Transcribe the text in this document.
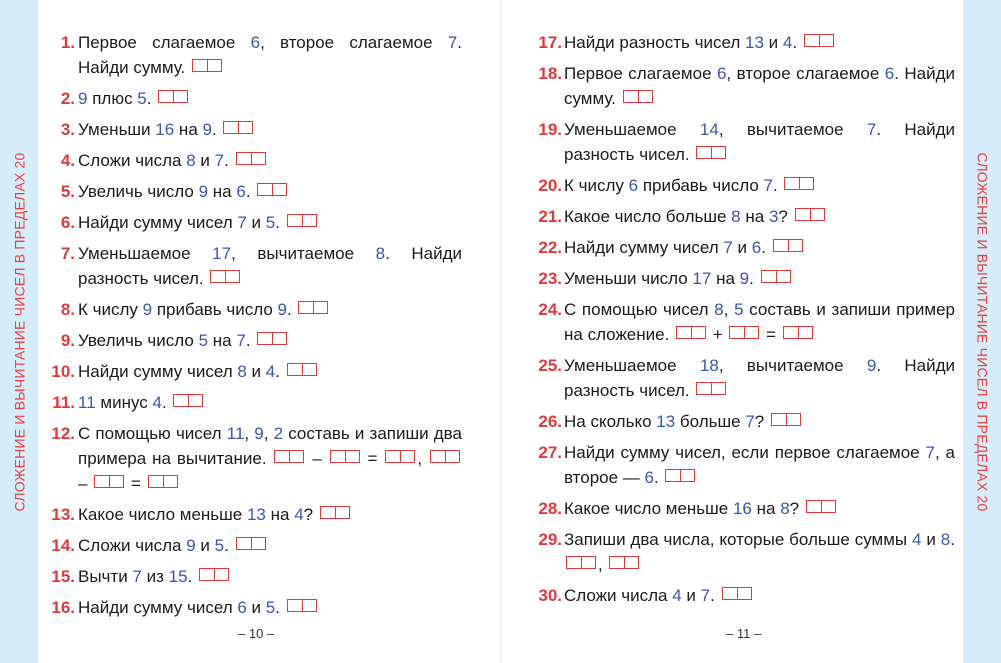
СЛОЖЕНИЕ И ВЫЧИТАНИЕ ЧИСЕЛ В ПРЕДЕЛАХ 20
1. Первое слагаемое 6, второе слагаемое 7. Найди сумму.
2. 9 плюс 5.
3. Уменьши 16 на 9.
4. Сложи числа 8 и 7.
5. Увеличь число 9 на 6.
6. Найди сумму чисел 7 и 5.
7. Уменьшаемое 17, вычитаемое 8. Найди разность чисел.
8. К числу 9 прибавь число 9.
9. Увеличь число 5 на 7.
10. Найди сумму чисел 8 и 4.
11. 11 минус 4.
12. С помощью чисел 11, 9, 2 составь и запиши два примера на вычитание.  –  = ,  –  =
13. Какое число меньше 13 на 4?
14. Сложи числа 9 и 5.
15. Вычти 7 из 15.
16. Найди сумму чисел 6 и 5.
– 10 –
17. Найди разность чисел 13 и 4.
18. Первое слагаемое 6, второе слагаемое 6. Найди сумму.
19. Уменьшаемое 14, вычитаемое 7. Найди разность чисел.
20. К числу 6 прибавь число 7.
21. Какое число больше 8 на 3?
22. Найди сумму чисел 7 и 6.
23. Уменьши число 17 на 9.
24. С помощью чисел 8, 5 составь и запиши пример на сложение.  +  =
25. Уменьшаемое 18, вычитаемое 9. Найди разность чисел.
26. На сколько 13 больше 7?
27. Найди сумму чисел, если первое слагаемое 7, а второе — 6.
28. Какое число меньше 16 на 8?
29. Запиши два числа, которые больше суммы 4 и 8. ,
30. Сложи числа 4 и 7.
– 11 –
СЛОЖЕНИЕ И ВЫЧИТАНИЕ ЧИСЕЛ В ПРЕДЕЛАХ 20
